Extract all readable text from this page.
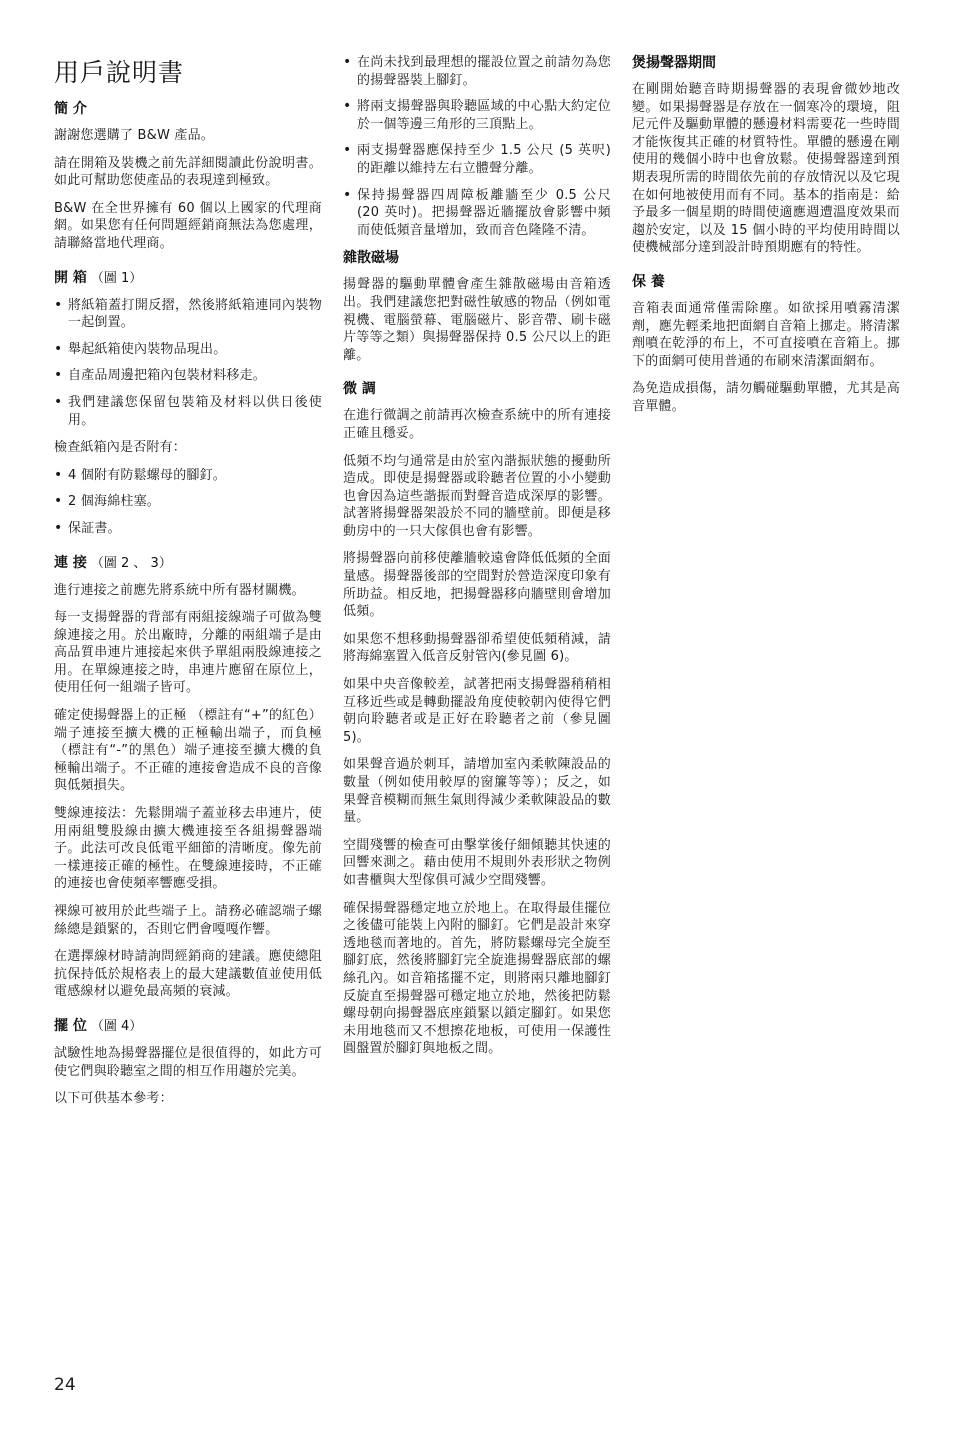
用戶說明書
簡 介

謝謝您選購了 B&W 產品。

請在開箱及裝機之前先詳細閱讀此份說明書。如此可幫助您使產品的表現達到極致。

B&W 在全世界擁有 60 個以上國家的代理商網。如果您有任何問題經銷商無法為您處理，請聯絡當地代理商。

開 箱 （圖 1）
• 將紙箱蓋打開反摺，然後將紙箱連同內裝物一起倒置。
• 舉起紙箱使內裝物品現出。
• 自產品周邊把箱內包裝材料移走。
• 我們建議您保留包裝箱及材料以供日後使用。

檢查紙箱內是否附有：

• 4 個附有防鬆螺母的腳釘。
• 2 個海綿柱塞。
• 保証書。
連 接 （圖 2 、 3）

進行連接之前應先將系統中所有器材關機。

每一支揚聲器的背部有兩組接線端子可做為雙線連接之用。於出廠時，分離的兩組端子是由高品質串連片連接起來供予單組兩股線連接之用。在單線連接之時，串連片應留在原位上，使用任何一組端子皆可。

確定使揚聲器上的正極 （標註有“+”的紅色）端子連接至擴大機的正極輸出端子，而負極（標註有“-”的黑色）端子連接至擴大機的負極輸出端子。不正確的連接會造成不良的音像與低頻損失。

雙線連接法：先鬆開端子蓋並移去串連片，使用兩組雙股線由擴大機連接至各組揚聲器端子。此法可改良低電平細節的清晰度。像先前一樣連接正確的極性。在雙線連接時，不正確的連接也會使頻率響應受損。

裸線可被用於此些端子上。請務必確認端子螺絲總是鎖緊的，否則它們會嘎嘎作響。

在選擇線材時請詢問經銷商的建議。應使總阻抗保持低於規格表上的最大建議數值並使用低電感線材以避免最高頻的衰減。

擺 位 （圖 4）

試驗性地為揚聲器擺位是很值得的，如此方可使它們與聆聽室之間的相互作用趨於完美。

以下可供基本參考：

• 在尚未找到最理想的擺設位置之前請勿為您的揚聲器裝上腳釘。
• 將兩支揚聲器與聆聽區域的中心點大約定位於一個等邊三角形的三頂點上。
• 兩支揚聲器應保持至少 1.5 公尺 (5 英呎) 的距離以維持左右立體聲分離。
• 保持揚聲器四周障板離牆至少 0.5 公尺 (20 英吋)。把揚聲器近牆擺放會影響中頻而使低頻音量增加，致而音色隆隆不清。
雜散磁場

揚聲器的驅動單體會產生雜散磁場由音箱透出。我們建議您把對磁性敏感的物品（例如電視機、電腦螢幕、電腦磁片、影音帶、刷卡磁片等等之類）與揚聲器保持 0.5 公尺以上的距離。

微 調

在進行微調之前請再次檢查系統中的所有連接正確且穩妥。

低頻不均勻通常是由於室內諧振狀態的擾動所造成。即使是揚聲器或聆聽者位置的小小變動也會因為這些諧振而對聲音造成深厚的影響。試著將揚聲器架設於不同的牆壁前。即便是移動房中的一只大傢俱也會有影響。

將揚聲器向前移使離牆較遠會降低低頻的全面量感。揚聲器後部的空間對於營造深度印象有所助益。相反地，把揚聲器移向牆壁則會增加低頻。

如果您不想移動揚聲器卻希望使低頻稍減，請將海綿塞置入低音反射管內(參見圖 6)。

如果中央音像較差，試著把兩支揚聲器稍稍相互移近些或是轉動擺設角度使較朝內使得它們朝向聆聽者或是正好在聆聽者之前（參見圖 5)。

如果聲音過於刺耳，請增加室內柔軟陳設品的數量（例如使用較厚的窗簾等等）；反之，如果聲音模糊而無生氣則得減少柔軟陳設品的數量。

空間殘響的檢查可由擊掌後仔細傾聽其快速的回響來測之。藉由使用不規則外表形狀之物例如書櫃與大型傢俱可減少空間殘響。

確保揚聲器穩定地立於地上。在取得最佳擺位之後儘可能裝上內附的腳釘。它們是設計來穿透地毯而著地的。首先，將防鬆螺母完全旋至腳釘底，然後將腳釘完全旋進揚聲器底部的螺絲孔內。如音箱搖擺不定，則將兩只離地腳釘反旋直至揚聲器可穩定地立於地，然後把防鬆螺母朝向揚聲器底座鎖緊以鎖定腳釘。如果您未用地毯而又不想擦花地板，可使用一保護性圓盤置於腳釘與地板之間。

煲揚聲器期間

在剛開始聽音時期揚聲器的表現會微妙地改變。如果揚聲器是存放在一個寒冷的環境，阻尼元件及驅動單體的懸邊材料需要花一些時間才能恢復其正確的材質特性。單體的懸邊在剛使用的幾個小時中也會放鬆。使揚聲器達到預期表現所需的時間依先前的存放情況以及它現在如何地被使用而有不同。基本的指南是：給予最多一個星期的時間使適應週遭溫度效果而趨於安定，以及 15 個小時的平均使用時間以使機械部分達到設計時預期應有的特性。

保 養

音箱表面通常僅需除塵。如欲採用噴霧清潔劑，應先輕柔地把面網自音箱上挪走。將清潔劑噴在乾淨的布上，不可直接噴在音箱上。挪下的面網可使用普通的布刷來清潔面網布。

為免造成損傷，請勿觸碰驅動單體，尤其是高音單體。

24
